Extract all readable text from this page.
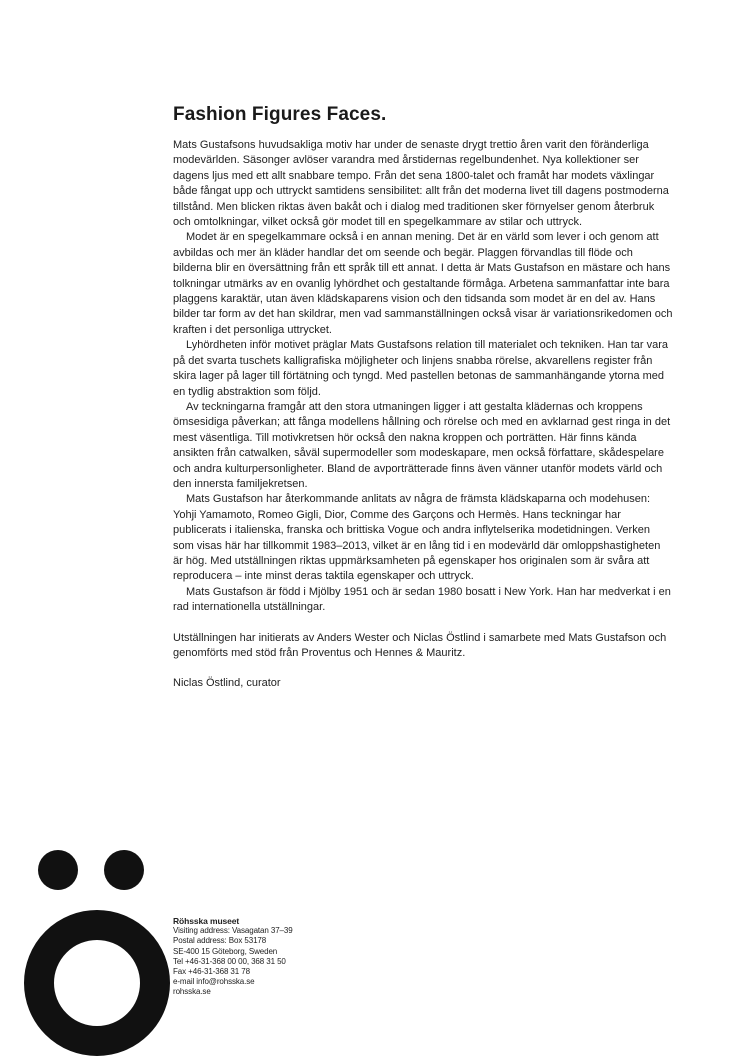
Fashion Figures Faces.

Mats Gustafsons huvudsakliga motiv har under de senaste drygt trettio åren varit den föränderliga modevärlden. Säsonger avlöser varandra med årstidernas regelbundenhet. Nya kollektioner ser dagens ljus med ett allt snabbare tempo. Från det sena 1800-talet och framåt har modets växlingar både fångat upp och uttryckt samtidens sensibilitet: allt från det moderna livet till dagens postmoderna tillstånd. Men blicken riktas även bakåt och i dialog med traditionen sker förnyelser genom återbruk och omtolkningar, vilket också gör modet till en spegelkammare av stilar och uttryck.

Modet är en spegelkammare också i en annan mening. Det är en värld som lever i och genom att avbildas och mer än kläder handlar det om seende och begär. Plaggen förvandlas till flöde och bilderna blir en översättning från ett språk till ett annat. I detta är Mats Gustafson en mästare och hans tolkningar utmärks av en ovanlig lyhördhet och gestaltande förmåga. Arbetena sammanfattar inte bara plaggens karaktär, utan även klädskaparens vision och den tidsanda som modet är en del av. Hans bilder tar form av det han skildrar, men vad sammanställningen också visar är variationsrikedomen och kraften i det personliga uttrycket.

Lyhördheten inför motivet präglar Mats Gustafsons relation till materialet och tekniken. Han tar vara på det svarta tuschets kalligrafiska möjligheter och linjens snabba rörelse, akvarellens register från skira lager på lager till förtätning och tyngd. Med pastellen betonas de sammanhängande ytorna med en tydlig abstraktion som följd.

Av teckningarna framgår att den stora utmaningen ligger i att gestalta klädernas och kroppens ömsesidiga påverkan; att fånga modellens hållning och rörelse och med en avklarnad gest ringa in det mest väsentliga. Till motivkretsen hör också den nakna kroppen och porträtten. Här finns kända ansikten från catwalken, såväl supermodeller som modeskapare, men också författare, skådespelare och andra kulturpersonligheter. Bland de avporträtterade finns även vänner utanför modets värld och den innersta familjekretsen.

Mats Gustafson har återkommande anlitats av några de främsta klädskaparna och modehusen: Yohji Yamamoto, Romeo Gigli, Dior, Comme des Garçons och Hermès. Hans teckningar har publicerats i italienska, franska och brittiska Vogue och andra inflytelserika modetidningen. Verken som visas här har tillkommit 1983–2013, vilket är en lång tid i en modevärld där omloppshastigheten är hög. Med utställningen riktas uppmärksamheten på egenskaper hos originalen som är svåra att reproducera – inte minst deras taktila egenskaper och uttryck.

Mats Gustafson är född i Mjölby 1951 och är sedan 1980 bosatt i New York. Han har medverkat i en rad internationella utställningar.

Utställningen har initierats av Anders Wester och Niclas Östlind i samarbete med Mats Gustafson och genomförts med stöd från Proventus och Hennes & Mauritz.

Niclas Östlind, curator

Röhsska museet
Visiting address: Vasagatan 37–39
Postal address: Box 53178
SE-400 15 Göteborg, Sweden
Tel +46-31-368 00 00, 368 31 50
Fax +46-31-368 31 78
e-mail info@rohsska.se
rohsska.se
